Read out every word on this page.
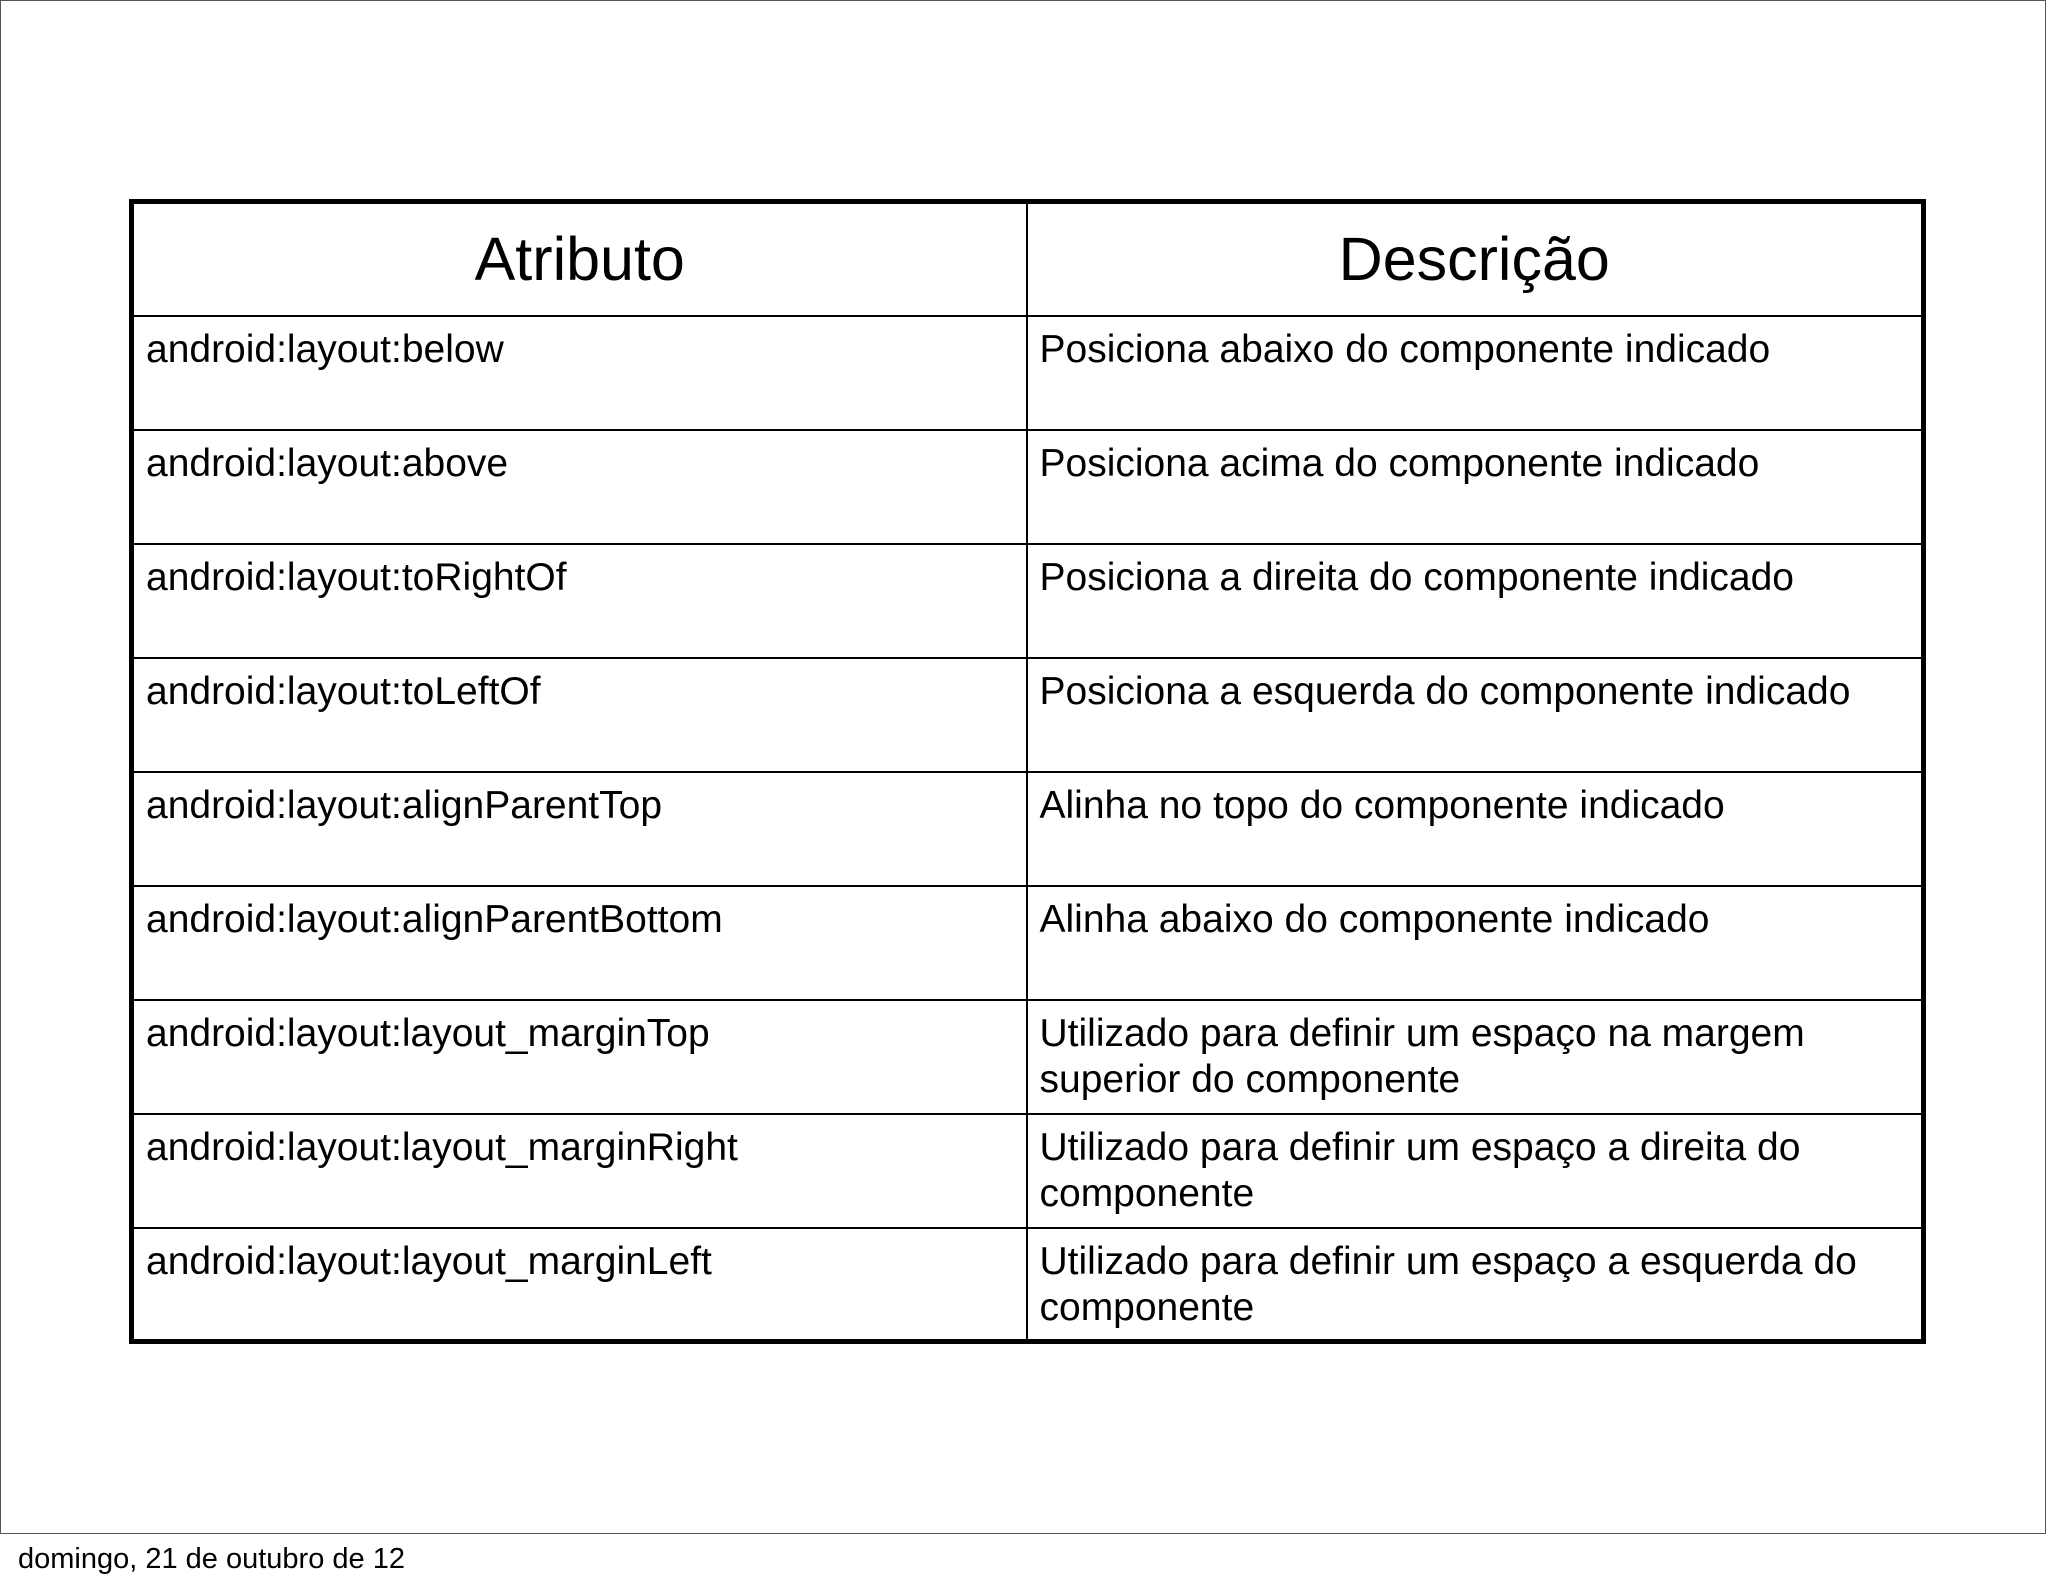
Atributo	Descrição
android:layout:below	Posiciona abaixo do componente indicado
android:layout:above	Posiciona acima do componente indicado
android:layout:toRightOf	Posiciona a direita do componente indicado
android:layout:toLeftOf	Posiciona a esquerda do componente indicado
android:layout:alignParentTop	Alinha no topo do componente indicado
android:layout:alignParentBottom	Alinha abaixo do componente indicado
android:layout:layout_marginTop	Utilizado para definir um espaço na margem superior do componente
android:layout:layout_marginRight	Utilizado para definir um espaço a direita do componente
android:layout:layout_marginLeft	Utilizado para definir um espaço a esquerda do componente
domingo, 21 de outubro de 12
